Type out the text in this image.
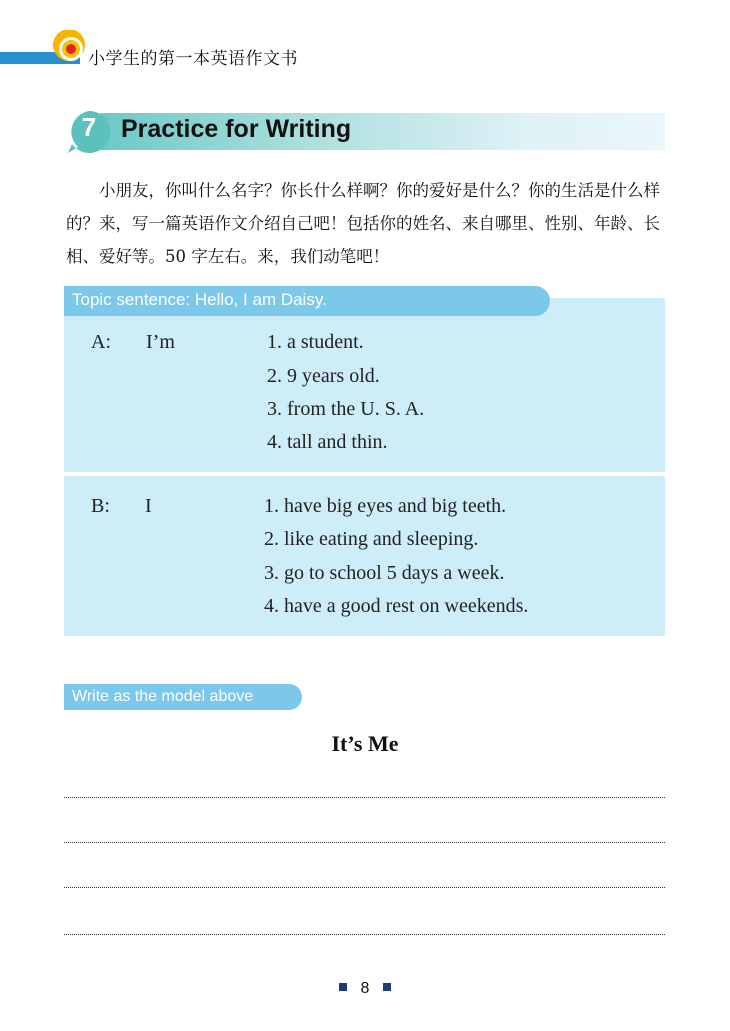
小学生的第一本英语作文书
7 Practice for Writing
小朋友，你叫什么名字？你长什么样啊？你的爱好是什么？你的生活是什么样的？来，写一篇英语作文介绍自己吧！包括你的姓名、来自哪里、性别、年龄、长相、爱好等。50 字左右。来，我们动笔吧！
Topic sentence: Hello, I am Daisy.
A: I’m	1. a student.
2. 9 years old.
3. from the U. S. A.
4. tall and thin.
B: I	1. have big eyes and big teeth.
2. like eating and sleeping.
3. go to school 5 days a week.
4. have a good rest on weekends.
Write as the model above
It’s Me
8
